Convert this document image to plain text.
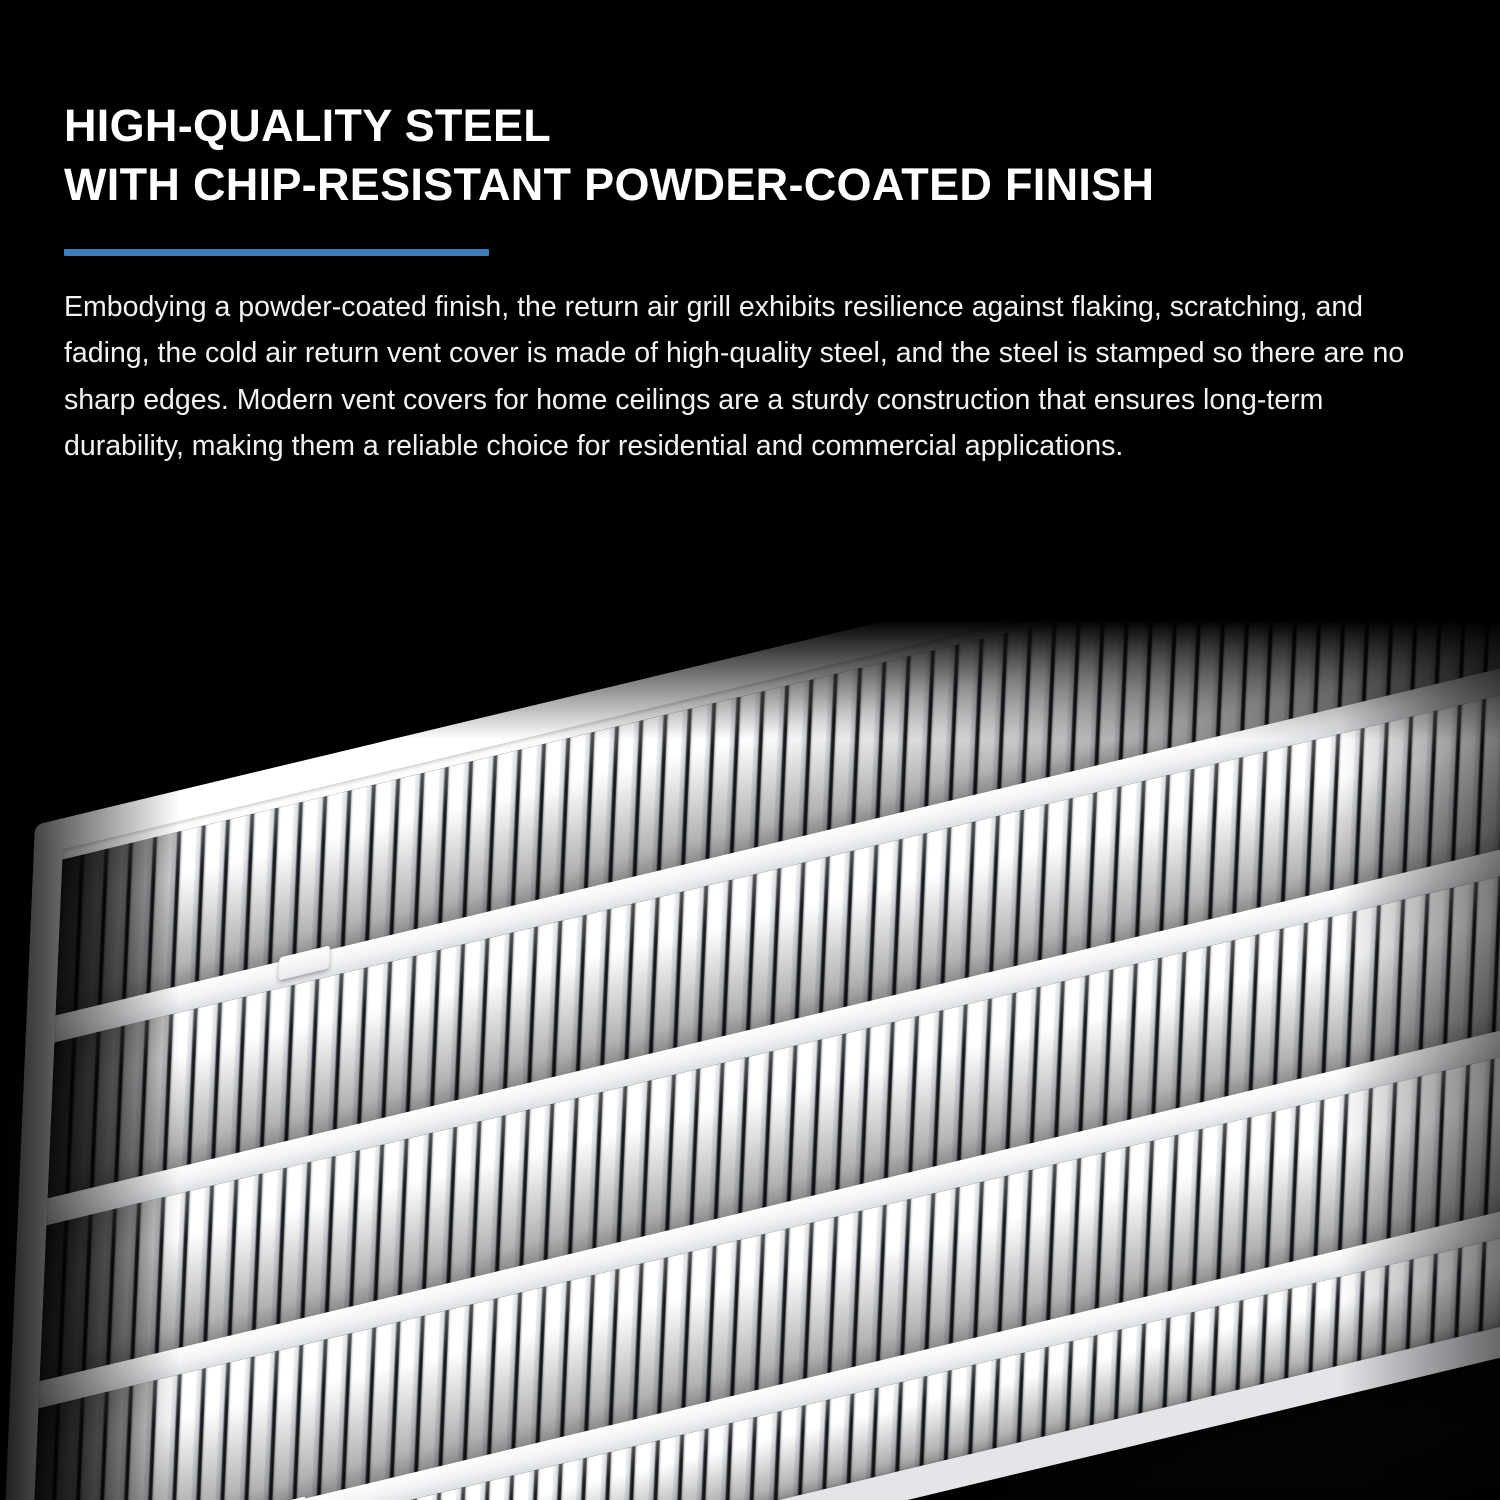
HIGH-QUALITY STEEL
WITH CHIP-RESISTANT POWDER-COATED FINISH

Embodying a powder-coated finish, the return air grill exhibits resilience against flaking, scratching, and fading, the cold air return vent cover is made of high-quality steel, and the steel is stamped so there are no sharp edges. Modern vent covers for home ceilings are a sturdy construction that ensures long-term durability, making them a reliable choice for residential and commercial applications.
